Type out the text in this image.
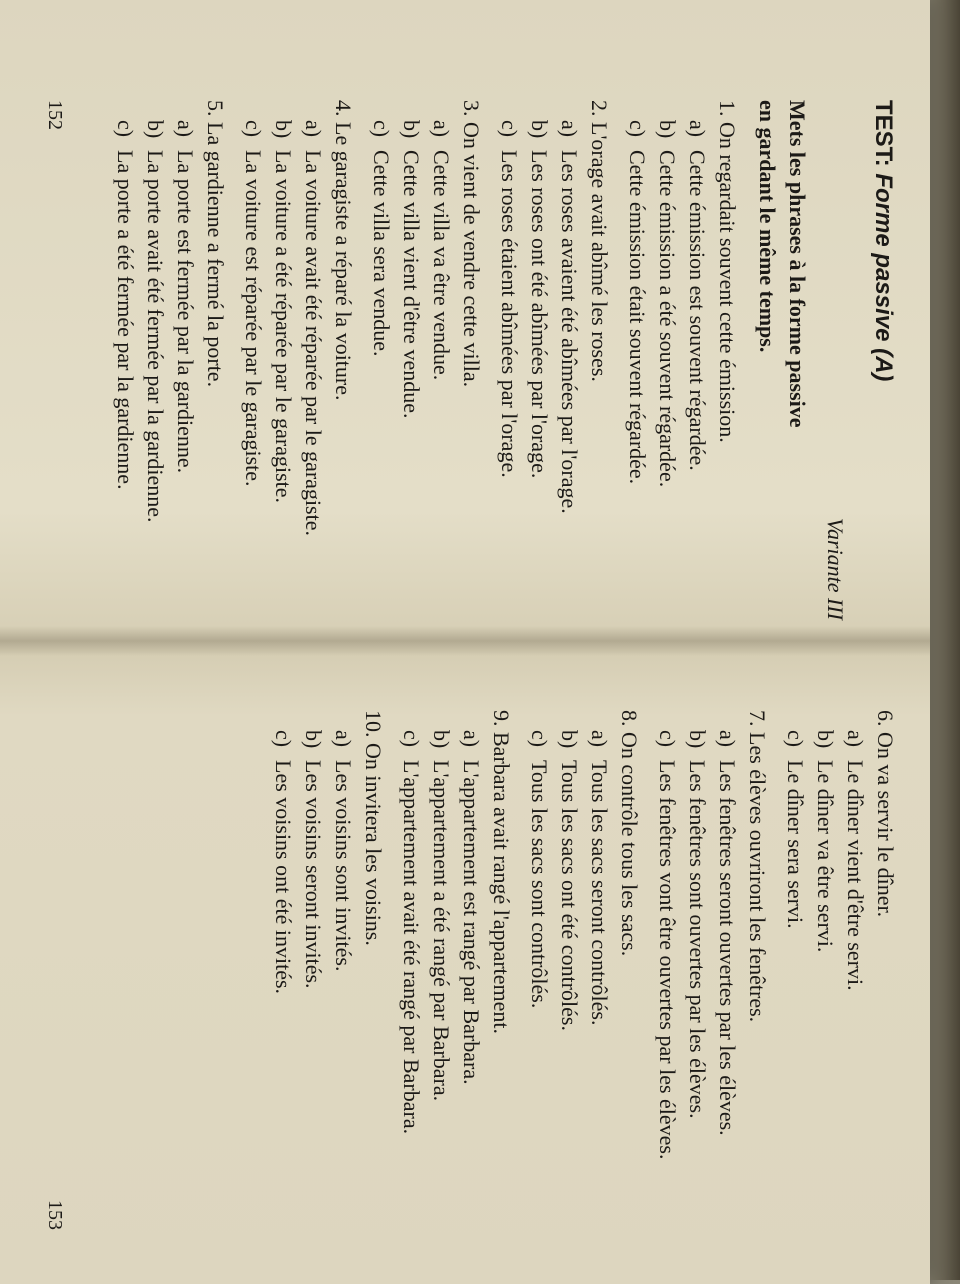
TEST: Forme passive (A)
Variante III
Mets les phrases à la forme passive
en gardant le même temps.
1. On regardait souvent cette émission.
a)Cette émission est souvent régardée.
b)Cette émission a été souvent régardée.
c)Cette émission était souvent régardée.
2. L'orage avait abîmé les roses.
a)Les roses avaient été abîmées par l'orage.
b)Les roses ont été abîmées par l'orage.
c)Les roses étaient abîmées par l'orage.
3. On vient de vendre cette villa.
a)Cette villa va être vendue.
b)Cette villa vient d'être vendue.
c)Cette villa sera vendue.
4. Le garagiste a réparé la voiture.
a)La voiture avait été réparée par le garagiste.
b)La voiture a été réparée par le garagiste.
c)La voiture est réparée par le garagiste.
5. La gardienne a fermé la porte.
a)La porte est fermée par la gardienne.
b)La porte avait été fermée par la gardienne.
c)La porte a été fermée par la gardienne.
152
6. On va servir le dîner.
a)Le dîner vient d'être servi.
b)Le dîner va être servi.
c)Le dîner sera servi.
7. Les élèves ouvriront les fenêtres.
a)Les fenêtres seront ouvertes par les élèves.
b)Les fenêtres sont ouvertes par les élèves.
c)Les fenêtres vont être ouvertes par les élèves.
8. On contrôle tous les sacs.
a)Tous les sacs seront contrôlés.
b)Tous les sacs ont été contrôlés.
c)Tous les sacs sont contrôlés.
9. Barbara avait rangé l'appartement.
a)L'appartement est rangé par Barbara.
b)L'appartement a été rangé par Barbara.
c)L'appartement avait été rangé par Barbara.
10. On invitera les voisins.
a)Les voisins sont invités.
b)Les voisins seront invités.
c)Les voisins ont été invités.
153
